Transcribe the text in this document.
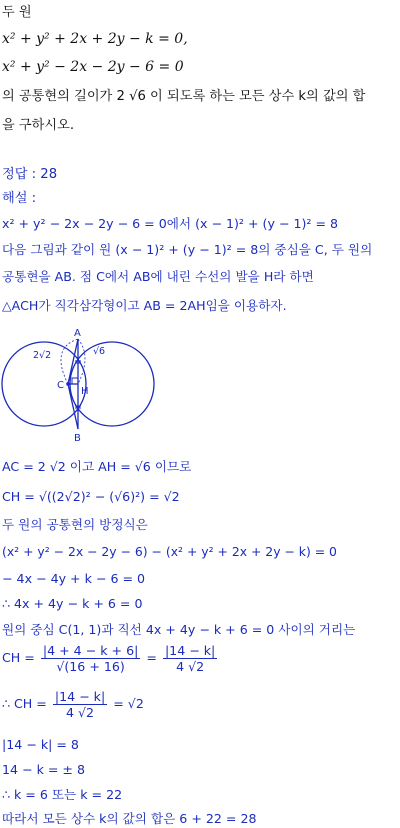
두 원
x² + y² + 2x + 2y − k = 0,
x² + y² − 2x − 2y − 6 = 0
의 공통현의 길이가 2 √6 이 되도록 하는 모든 상수 k의 값의 합
을 구하시오.
정답 : 28
해설 :
x² + y² − 2x − 2y − 6 = 0에서 (x − 1)² + (y − 1)² = 8
다음 그림과 같이 원 (x − 1)² + (y − 1)² = 8의 중심을 C, 두 원의
공통현을 AB. 점 C에서 AB에 내린 수선의 발을 H라 하면
△ACH가 직각삼각형이고 AB = 2AH임을 이용하자.
A
B
C
H
2√2	√6
AC = 2 √2 이고 AH = √6 이므로
CH = √((2√2)² − (√6)²) = √2
두 원의 공통현의 방정식은
(x² + y² − 2x − 2y − 6) − (x² + y² + 2x + 2y − k) = 0
− 4x − 4y + k − 6 = 0
∴ 4x + 4y − k + 6 = 0
원의 중심 C(1, 1)과 직선 4x + 4y − k + 6 = 0 사이의 거리는
CH = $\frac{|4 + 4 - k + 6|}{√(16 + 16)} = \frac{|14 - k|}{4 √2}$
∴ CH = $\frac{|14 - k|}{4 √2} = √2$
|14 − k| = 8
14 − k = ± 8
∴ k = 6 또는 k = 22
따라서 모든 상수 k의 값의 합은 6 + 22 = 28
